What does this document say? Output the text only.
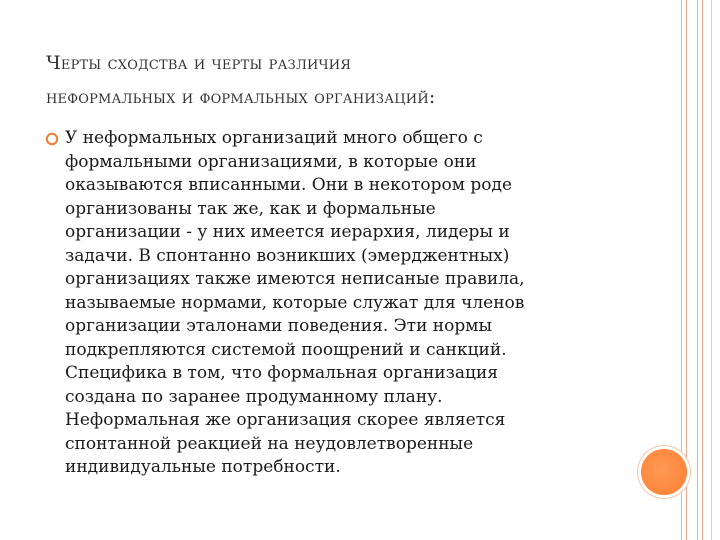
Черты сходства и черты различия
неформальных и формальных организаций:
У неформальных организаций много общего с
формальными организациями, в которые они
оказываются вписанными. Они в некотором роде
организованы так же, как и формальные
организации - у них имеется иерархия, лидеры и
задачи. В спонтанно возникших (эмерджентных)
организациях также имеются неписаные правила,
называемые нормами, которые служат для членов
организации эталонами поведения. Эти нормы
подкрепляются системой поощрений и санкций.
Специфика в том, что формальная организация
создана по заранее продуманному плану.
Неформальная же организация скорее является
спонтанной реакцией на неудовлетворенные
индивидуальные потребности.
